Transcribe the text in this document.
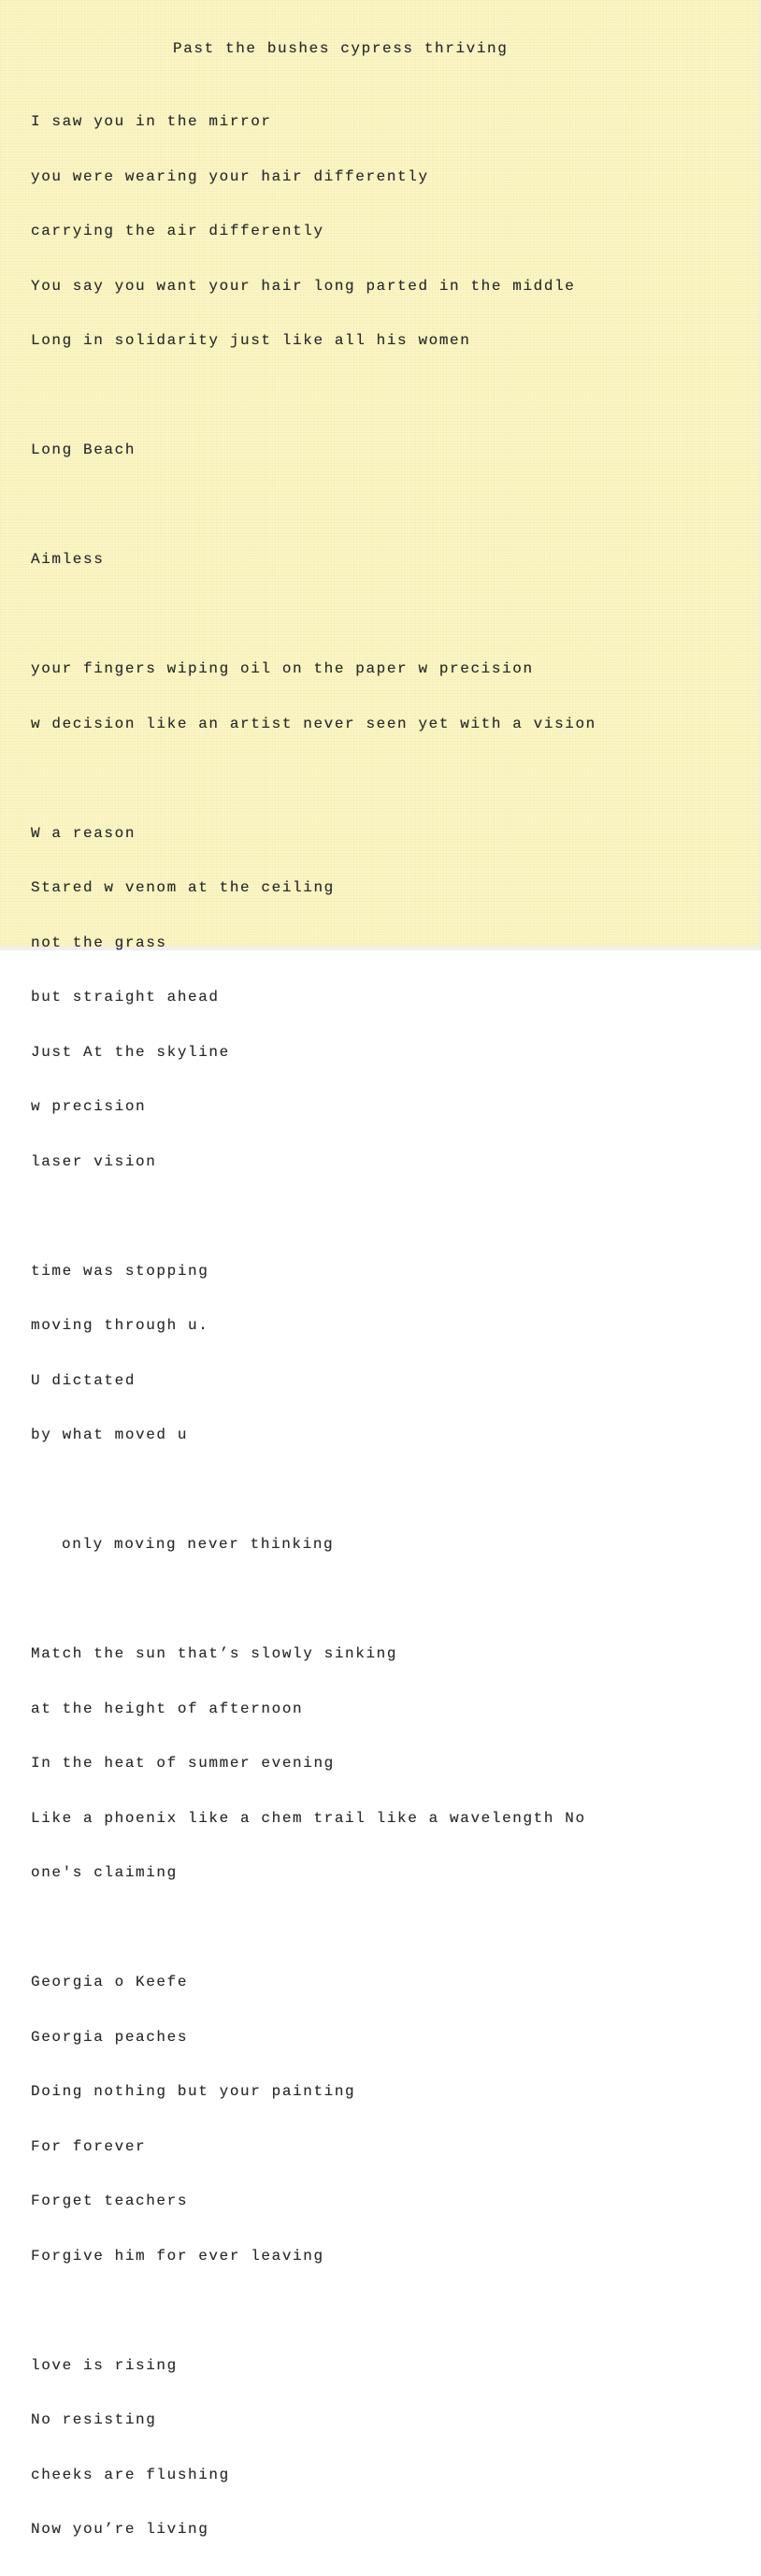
Past the bushes cypress thriving

I saw you in the mirror

you were wearing your hair differently

carrying the air differently

You say you want your hair long parted in the middle

Long in solidarity just like all his women

Long Beach

Aimless

your fingers wiping oil on the paper w precision

w decision like an artist never seen yet with a vision

W a reason

Stared w venom at the ceiling

not the grass

but straight ahead

Just At the skyline

w precision

laser vision

time was stopping

moving through u.

U dictated

by what moved u

only moving never thinking

Match the sun that’s slowly sinking

at the height of afternoon

In the heat of summer evening

Like a phoenix like a chem trail like a wavelength No

one's claiming

Georgia o Keefe

Georgia peaches

Doing nothing but your painting

For forever

Forget teachers

Forgive him for ever leaving

love is rising

No resisting

cheeks are flushing

Now you’re living
